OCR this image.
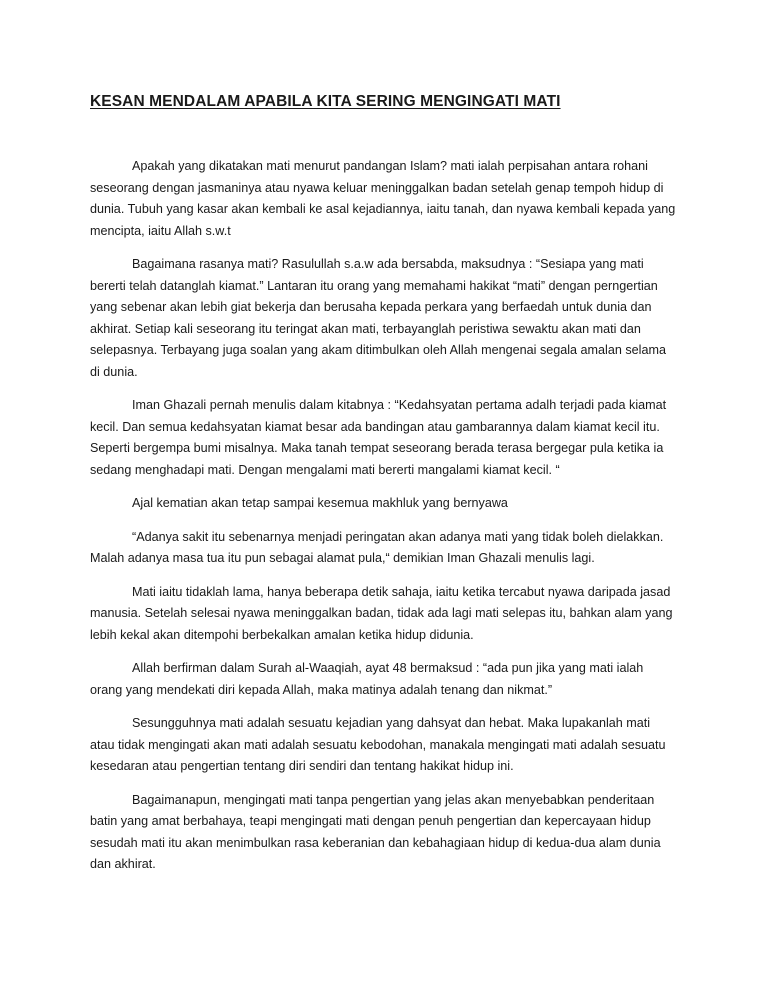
KESAN MENDALAM APABILA KITA SERING MENGINGATI MATI

Apakah yang dikatakan mati menurut pandangan Islam? mati ialah perpisahan antara rohani seseorang dengan jasmaninya atau nyawa keluar meninggalkan badan setelah genap tempoh hidup di dunia. Tubuh yang kasar akan kembali ke asal kejadiannya, iaitu tanah, dan nyawa kembali kepada yang mencipta, iaitu Allah s.w.t

Bagaimana rasanya mati? Rasulullah s.a.w ada bersabda, maksudnya : “Sesiapa yang mati bererti telah datanglah kiamat.” Lantaran itu orang yang memahami hakikat “mati” dengan perngertian yang sebenar akan lebih giat bekerja dan berusaha kepada perkara yang berfaedah untuk dunia dan akhirat. Setiap kali seseorang itu teringat akan mati, terbayanglah peristiwa sewaktu akan mati dan selepasnya. Terbayang juga soalan yang akam ditimbulkan oleh Allah mengenai segala amalan selama di dunia.

Iman Ghazali pernah menulis dalam kitabnya : “Kedahsyatan pertama adalh terjadi pada kiamat kecil. Dan semua kedahsyatan kiamat besar ada bandingan atau gambarannya dalam kiamat kecil itu. Seperti bergempa bumi misalnya. Maka tanah tempat seseorang berada terasa bergegar pula ketika ia sedang menghadapi mati. Dengan mengalami mati bererti mangalami kiamat kecil. “

Ajal kematian akan tetap sampai kesemua makhluk yang bernyawa

“Adanya sakit itu sebenarnya menjadi peringatan akan adanya mati yang tidak boleh dielakkan. Malah adanya masa tua itu pun sebagai alamat pula,“ demikian Iman Ghazali menulis lagi.

Mati iaitu tidaklah lama, hanya beberapa detik sahaja, iaitu ketika tercabut nyawa daripada jasad manusia. Setelah selesai nyawa meninggalkan badan, tidak ada lagi mati selepas itu, bahkan alam yang lebih kekal akan ditempohi berbekalkan amalan ketika hidup didunia.

Allah berfirman dalam Surah al-Waaqiah, ayat 48 bermaksud : “ada pun jika yang mati ialah orang yang mendekati diri kepada Allah, maka matinya adalah tenang dan nikmat.”

Sesungguhnya mati adalah sesuatu kejadian yang dahsyat dan hebat. Maka lupakanlah mati atau tidak mengingati akan mati adalah sesuatu kebodohan, manakala mengingati mati adalah sesuatu kesedaran atau pengertian tentang diri sendiri dan tentang hakikat hidup ini.

Bagaimanapun, mengingati mati tanpa pengertian yang jelas akan menyebabkan penderitaan batin yang amat berbahaya, teapi mengingati mati dengan penuh pengertian dan kepercayaan hidup sesudah mati itu akan menimbulkan rasa keberanian dan kebahagiaan hidup di kedua-dua alam dunia dan akhirat.
